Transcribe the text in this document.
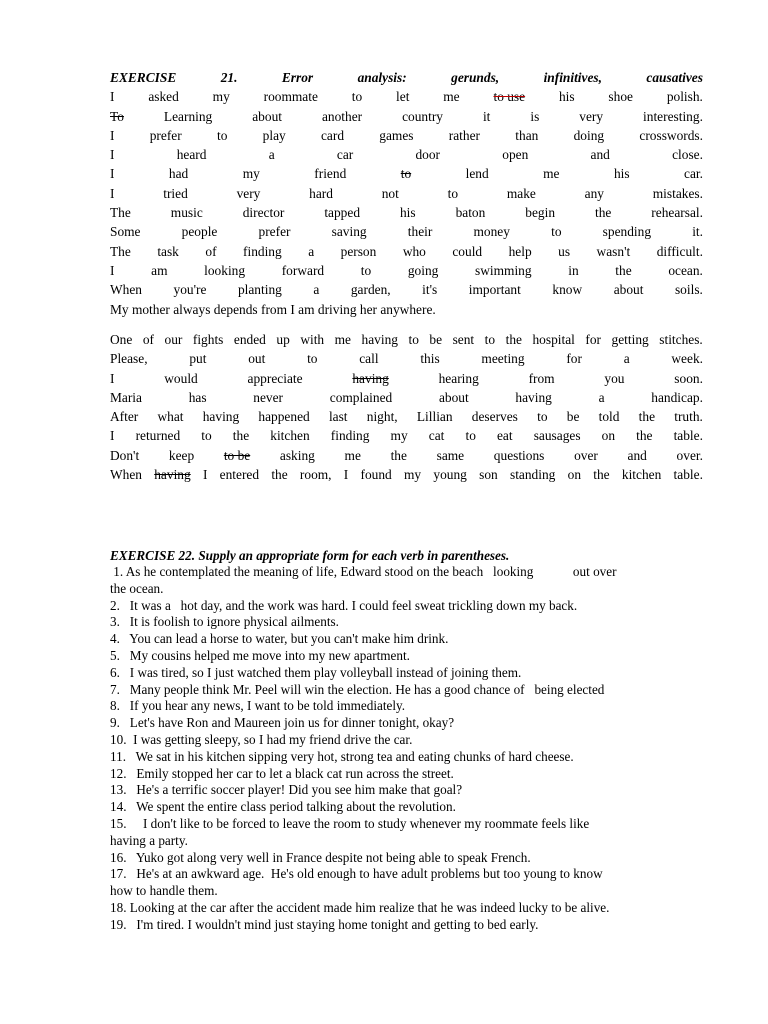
EXERCISE	21.	Error	analysis:	gerunds,	infinitives,	causatives
I	asked	my	roommate	to	let	me	to use	his	shoe	polish.
To	Learning	about	another	country	it	is	very	interesting.
I	prefer	to	play	card	games	rather	than	doing	crosswords.
I	heard	a	car	door	open	and	close.
I	had	my	friend	to	lend	me	his	car.
I	tried	very	hard	not	to	make	any	mistakes.
The	music	director	tapped	his	baton	begin	the	rehearsal.
Some	people	prefer	saving	their	money	to	spending	it.
The task of finding a person who could help us wasn't difficult.
I	am	looking	forward	to	going	swimming	in	the	ocean.
When you're planting a garden, it's important know about soils.
My mother always depends from I am driving her anywhere.
One of our fights ended up with me having to be sent to the hospital for getting stitches.
Please,	put	out	to	call	this	meeting	for	a	week.
I	would	appreciate	having	hearing	from	you	soon.
Maria	has	never	complained	about	having	a	handicap.
After what having happened last night, Lillian deserves to be told the truth.
I returned to the kitchen finding my cat to eat sausages on the table.
Don't keep to be asking me the same questions over and over.
When having I entered the room, I found my young son standing on the kitchen table.
EXERCISE 22. Supply an appropriate form for each verb in parentheses.
1. As he contemplated the meaning of life, Edward stood on the beach   looking            out over
the ocean.
2.   It was a   hot day, and the work was hard. I could feel sweat trickling down my back.
3.   It is foolish to ignore physical ailments.
4.   You can lead a horse to water, but you can't make him drink.
5.   My cousins helped me move into my new apartment.
6.   I was tired, so I just watched them play volleyball instead of joining them.
7.   Many people think Mr. Peel will win the election. He has a good chance of   being elected
8.   If you hear any news, I want to be told immediately.
9.   Let's have Ron and Maureen join us for dinner tonight, okay?
10.  I was getting sleepy, so I had my friend drive the car.
11.   We sat in his kitchen sipping very hot, strong tea and eating chunks of hard cheese.
12.   Emily stopped her car to let a black cat run across the street.
13.   He's a terrific soccer player! Did you see him make that goal?
14.   We spent the entire class period talking about the revolution.
15.     I don't like to be forced to leave the room to study whenever my roommate feels like
having a party.
16.   Yuko got along very well in France despite not being able to speak French.
17.   He's at an awkward age.  He's old enough to have adult problems but too young to know
how to handle them.
18. Looking at the car after the accident made him realize that he was indeed lucky to be alive.
19.   I'm tired. I wouldn't mind just staying home tonight and getting to bed early.
